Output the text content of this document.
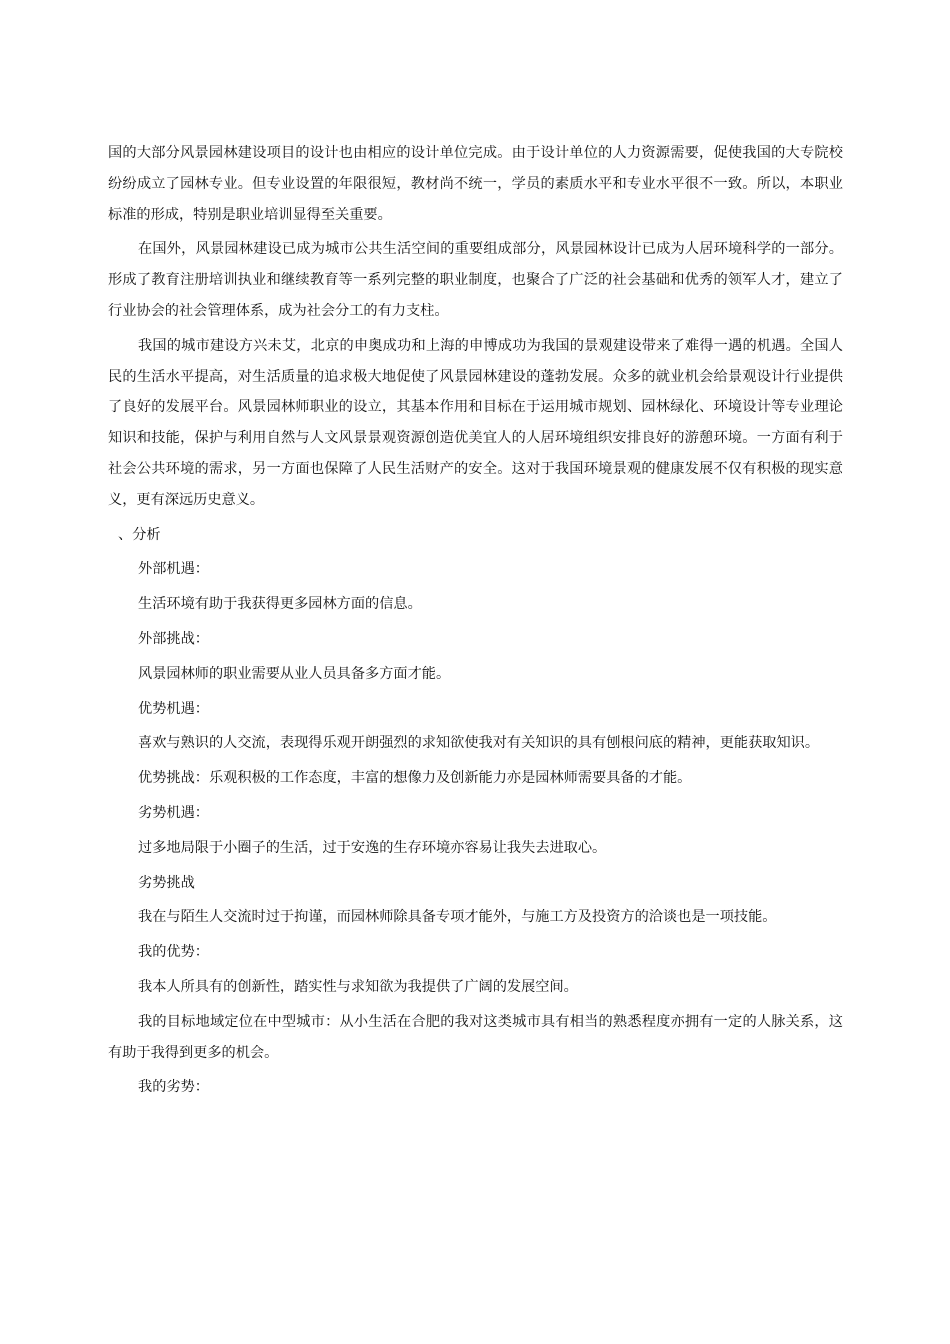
国的大部分风景园林建设项目的设计也由相应的设计单位完成。由于设计单位的人力资源需要，促使我国的大专院校纷纷成立了园林专业。但专业设置的年限很短，教材尚不统一，学员的素质水平和专业水平很不一致。所以，本职业标准的形成，特别是职业培训显得至关重要。

在国外，风景园林建设已成为城市公共生活空间的重要组成部分，风景园林设计已成为人居环境科学的一部分。形成了教育注册培训执业和继续教育等一系列完整的职业制度，也聚合了广泛的社会基础和优秀的领军人才，建立了行业协会的社会管理体系，成为社会分工的有力支柱。

我国的城市建设方兴未艾，北京的申奥成功和上海的申博成功为我国的景观建设带来了难得一遇的机遇。全国人民的生活水平提高，对生活质量的追求极大地促使了风景园林建设的蓬勃发展。众多的就业机会给景观设计行业提供了良好的发展平台。风景园林师职业的设立，其基本作用和目标在于运用城市规划、园林绿化、环境设计等专业理论知识和技能，保护与利用自然与人文风景景观资源创造优美宜人的人居环境组织安排良好的游憩环境。一方面有利于社会公共环境的需求，另一方面也保障了人民生活财产的安全。这对于我国环境景观的健康发展不仅有积极的现实意义，更有深远历史意义。

、分析

外部机遇：

生活环境有助于我获得更多园林方面的信息。

外部挑战：

风景园林师的职业需要从业人员具备多方面才能。

优势机遇：

喜欢与熟识的人交流，表现得乐观开朗强烈的求知欲使我对有关知识的具有刨根问底的精神，更能获取知识。

优势挑战：乐观积极的工作态度，丰富的想像力及创新能力亦是园林师需要具备的才能。

劣势机遇：

过多地局限于小圈子的生活，过于安逸的生存环境亦容易让我失去进取心。

劣势挑战

我在与陌生人交流时过于拘谨，而园林师除具备专项才能外，与施工方及投资方的洽谈也是一项技能。

我的优势：

我本人所具有的创新性，踏实性与求知欲为我提供了广阔的发展空间。

我的目标地域定位在中型城市：从小生活在合肥的我对这类城市具有相当的熟悉程度亦拥有一定的人脉关系，这有助于我得到更多的机会。

我的劣势：
